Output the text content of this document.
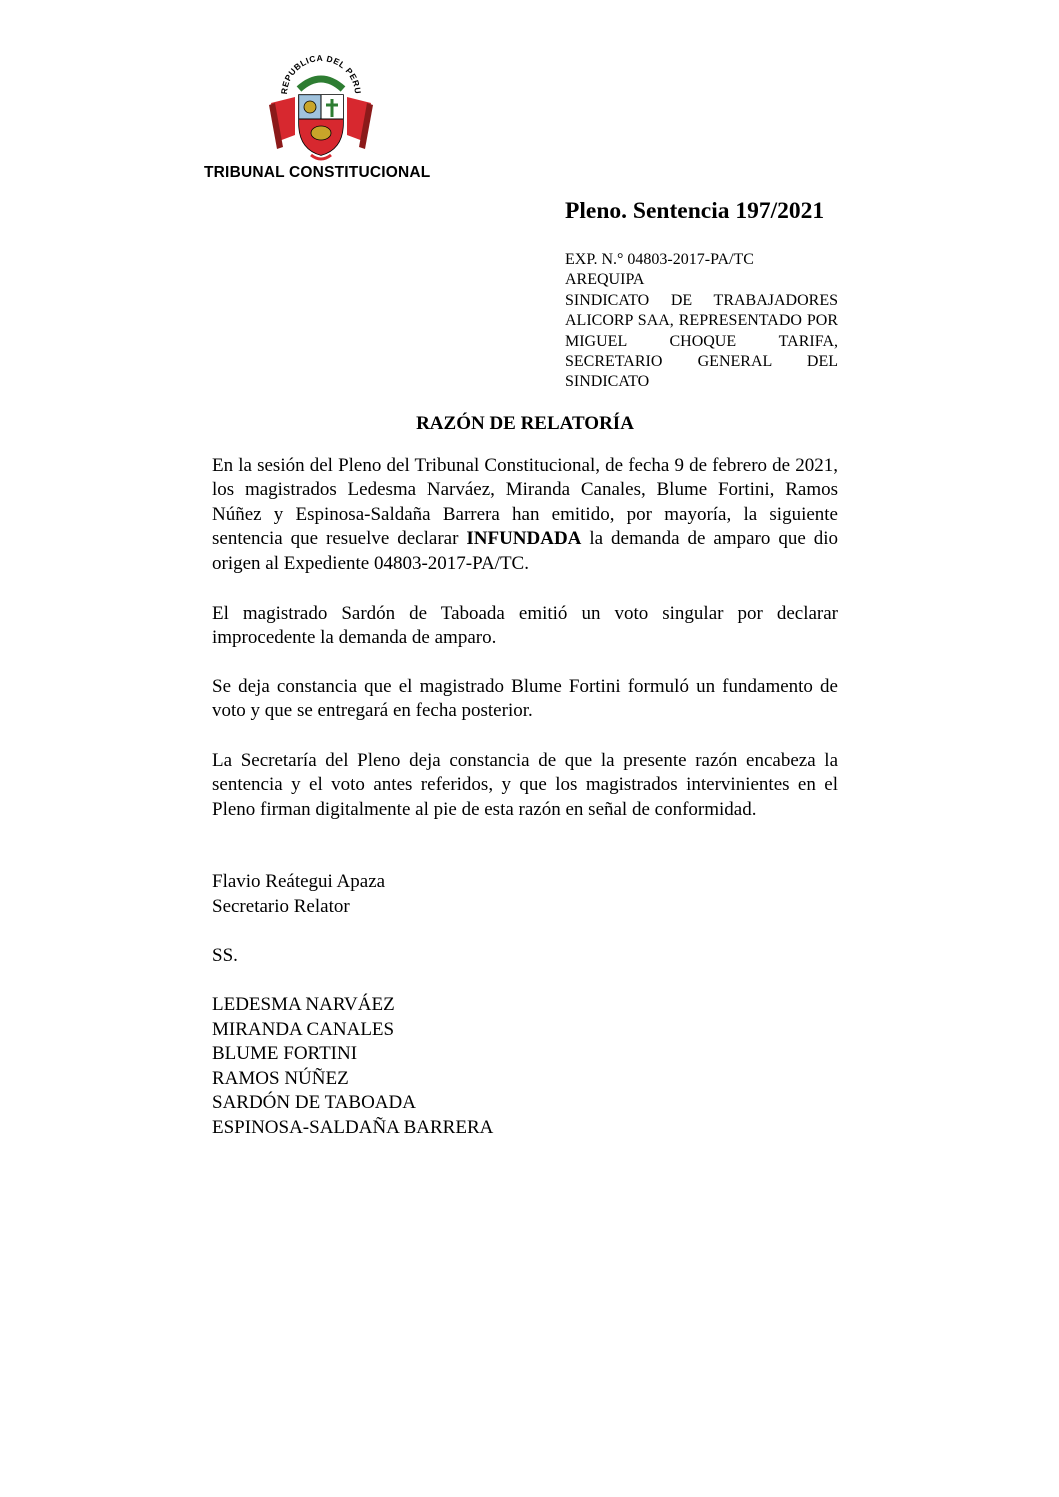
REPUBLICA DEL PERU
TRIBUNAL CONSTITUCIONAL
Pleno. Sentencia 197/2021
EXP. N.° 04803-2017-PA/TC
AREQUIPA
SINDICATO DE TRABAJADORES ALICORP SAA, REPRESENTADO POR MIGUEL CHOQUE TARIFA, SECRETARIO GENERAL DEL SINDICATO
RAZÓN DE RELATORÍA

En la sesión del Pleno del Tribunal Constitucional, de fecha 9 de febrero de 2021, los magistrados Ledesma Narváez, Miranda Canales, Blume Fortini, Ramos Núñez y Espinosa-Saldaña Barrera han emitido, por mayoría, la siguiente sentencia que resuelve declarar INFUNDADA la demanda de amparo que dio origen al Expediente 04803-2017-PA/TC.

El magistrado Sardón de Taboada emitió un voto singular por declarar improcedente la demanda de amparo.

Se deja constancia que el magistrado Blume Fortini formuló un fundamento de voto y que se entregará en fecha posterior.

La Secretaría del Pleno deja constancia de que la presente razón encabeza la sentencia y el voto antes referidos, y que los magistrados intervinientes en el Pleno firman digitalmente al pie de esta razón en señal de conformidad.

Flavio Reátegui Apaza
Secretario Relator
SS.
LEDESMA NARVÁEZ
MIRANDA CANALES
BLUME FORTINI
RAMOS NÚÑEZ
SARDÓN DE TABOADA
ESPINOSA-SALDAÑA BARRERA
